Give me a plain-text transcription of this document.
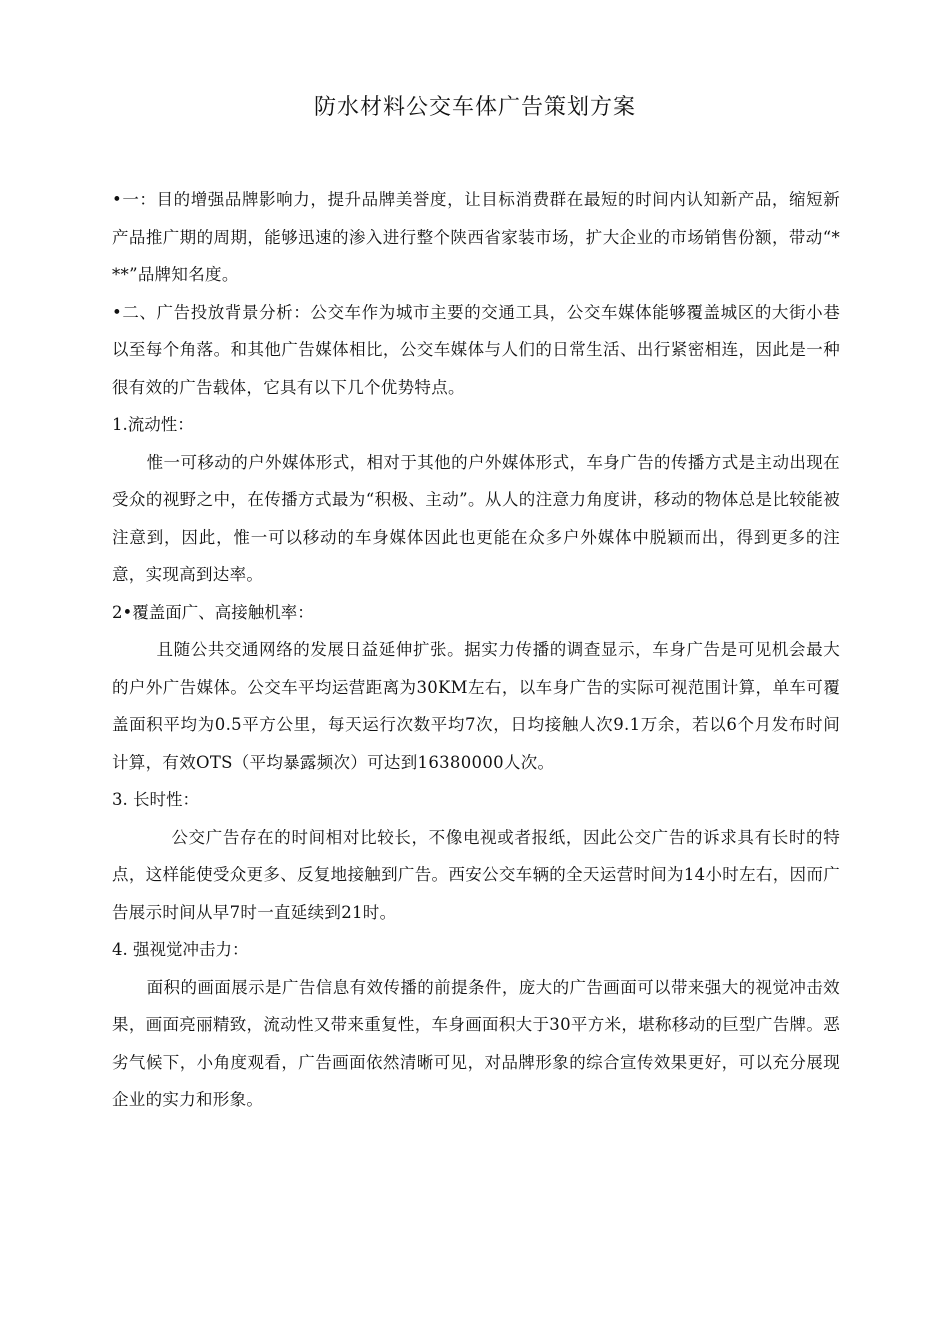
防水材料公交车体广告策划方案

•一：目的增强品牌影响力，提升品牌美誉度，让目标消费群在最短的时间内认知新产品，缩短新产品推广期的周期，能够迅速的渗入进行整个陕西省家装市场，扩大企业的市场销售份额，带动“***”品牌知名度。

•二、广告投放背景分析：公交车作为城市主要的交通工具，公交车媒体能够覆盖城区的大街小巷以至每个角落。和其他广告媒体相比，公交车媒体与人们的日常生活、出行紧密相连，因此是一种很有效的广告载体，它具有以下几个优势特点。

1.流动性：

惟一可移动的户外媒体形式，相对于其他的户外媒体形式，车身广告的传播方式是主动出现在受众的视野之中，在传播方式最为“积极、主动”。从人的注意力角度讲，移动的物体总是比较能被注意到，因此，惟一可以移动的车身媒体因此也更能在众多户外媒体中脱颖而出，得到更多的注意，实现高到达率。

2•覆盖面广、高接触机率：

且随公共交通网络的发展日益延伸扩张。据实力传播的调查显示，车身广告是可见机会最大的户外广告媒体。公交车平均运营距离为30KM左右，以车身广告的实际可视范围计算，单车可覆盖面积平均为0.5平方公里，每天运行次数平均7次，日均接触人次9.1万余，若以6个月发布时间计算，有效OTS（平均暴露频次）可达到16380000人次。

3. 长时性：

公交广告存在的时间相对比较长，不像电视或者报纸，因此公交广告的诉求具有长时的特点，这样能使受众更多、反复地接触到广告。西安公交车辆的全天运营时间为14小时左右，因而广告展示时间从早7时一直延续到21时。

4. 强视觉冲击力：

面积的画面展示是广告信息有效传播的前提条件，庞大的广告画面可以带来强大的视觉冲击效果，画面亮丽精致，流动性又带来重复性，车身画面积大于30平方米，堪称移动的巨型广告牌。恶劣气候下，小角度观看，广告画面依然清晰可见，对品牌形象的综合宣传效果更好，可以充分展现企业的实力和形象。
